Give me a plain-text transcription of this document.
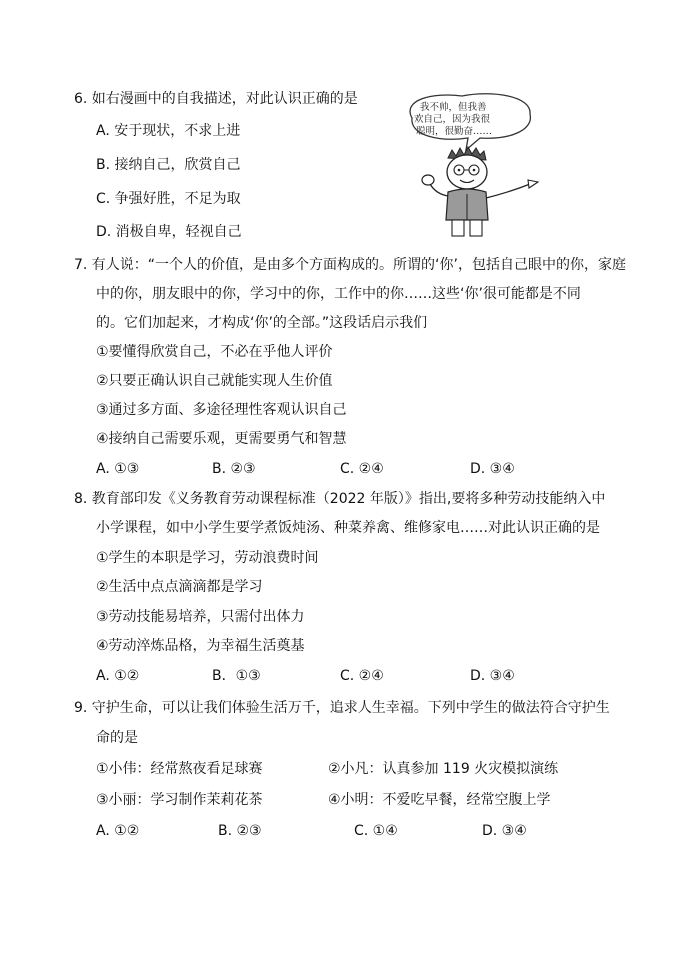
6. 如右漫画中的自我描述，对此认识正确的是
A. 安于现状，不求上进
B. 接纳自己，欣赏自己
C. 争强好胜，不足为取
D. 消极自卑，轻视自己
我不帅，但我善
欢自己，因为我很
聪明，很勤奋……
7. 有人说：“一个人的价值，是由多个方面构成的。所谓的‘你’，包括自己眼中的你，家庭
中的你，朋友眼中的你，学习中的你，工作中的你……这些‘你’很可能都是不同
的。它们加起来，才构成‘你’的全部。”这段话启示我们
①要懂得欣赏自己，不必在乎他人评价
②只要正确认识自己就能实现人生价值
③通过多方面、多途径理性客观认识自己
④接纳自己需要乐观，更需要勇气和智慧
A. ①③	B. ②③	C. ②④	D. ③④
8. 教育部印发《义务教育劳动课程标准（2022 年版）》指出,要将多种劳动技能纳入中
小学课程，如中小学生要学煮饭炖汤、种菜养禽、维修家电……对此认识正确的是
①学生的本职是学习，劳动浪费时间
②生活中点点滴滴都是学习
③劳动技能易培养，只需付出体力
④劳动淬炼品格，为幸福生活奠基
A. ①②	B．①③	C. ②④	D. ③④
9. 守护生命，可以让我们体验生活万千，追求人生幸福。下列中学生的做法符合守护生
命的是
①小伟：经常熬夜看足球赛	②小凡：认真参加 119 火灾模拟演练
③小丽：学习制作茉莉花茶	④小明：不爱吃早餐，经常空腹上学
A. ①②	B. ②③	C. ①④	D. ③④
